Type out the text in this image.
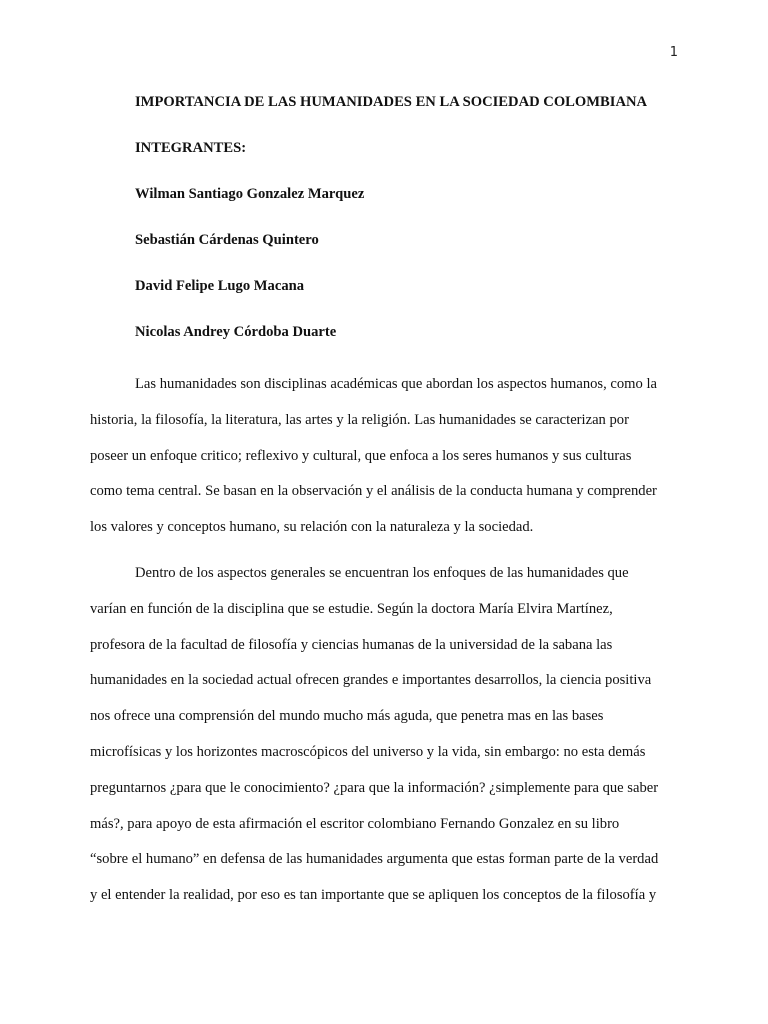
1
IMPORTANCIA DE LAS HUMANIDADES EN LA SOCIEDAD COLOMBIANA
INTEGRANTES:
Wilman Santiago Gonzalez Marquez
Sebastián Cárdenas Quintero
David Felipe Lugo Macana
Nicolas Andrey Córdoba Duarte
Las humanidades son disciplinas académicas que abordan los aspectos humanos, como la
historia, la filosofía, la literatura, las artes y la religión. Las humanidades se caracterizan por
poseer un enfoque critico; reflexivo y cultural, que enfoca a los seres humanos y sus culturas
como tema central. Se basan en la observación y el análisis de la conducta humana y comprender
los valores y conceptos humano, su relación con la naturaleza y la sociedad.
Dentro de los aspectos generales se encuentran los enfoques de las humanidades que
varían en función de la disciplina que se estudie. Según la doctora María Elvira Martínez,
profesora de la facultad de filosofía y ciencias humanas de la universidad de la sabana las
humanidades en la sociedad actual ofrecen grandes e importantes desarrollos, la ciencia positiva
nos ofrece una comprensión del mundo mucho más aguda, que penetra mas en las bases
microfísicas y los horizontes macroscópicos del universo y la vida, sin embargo: no esta demás
preguntarnos ¿para que le conocimiento? ¿para que la información? ¿simplemente para que saber
más?, para apoyo de esta afirmación el escritor colombiano Fernando Gonzalez en su libro
“sobre el humano” en defensa de las humanidades argumenta que estas forman parte de la verdad
y el entender la realidad, por eso es tan importante que se apliquen los conceptos de la filosofía y
